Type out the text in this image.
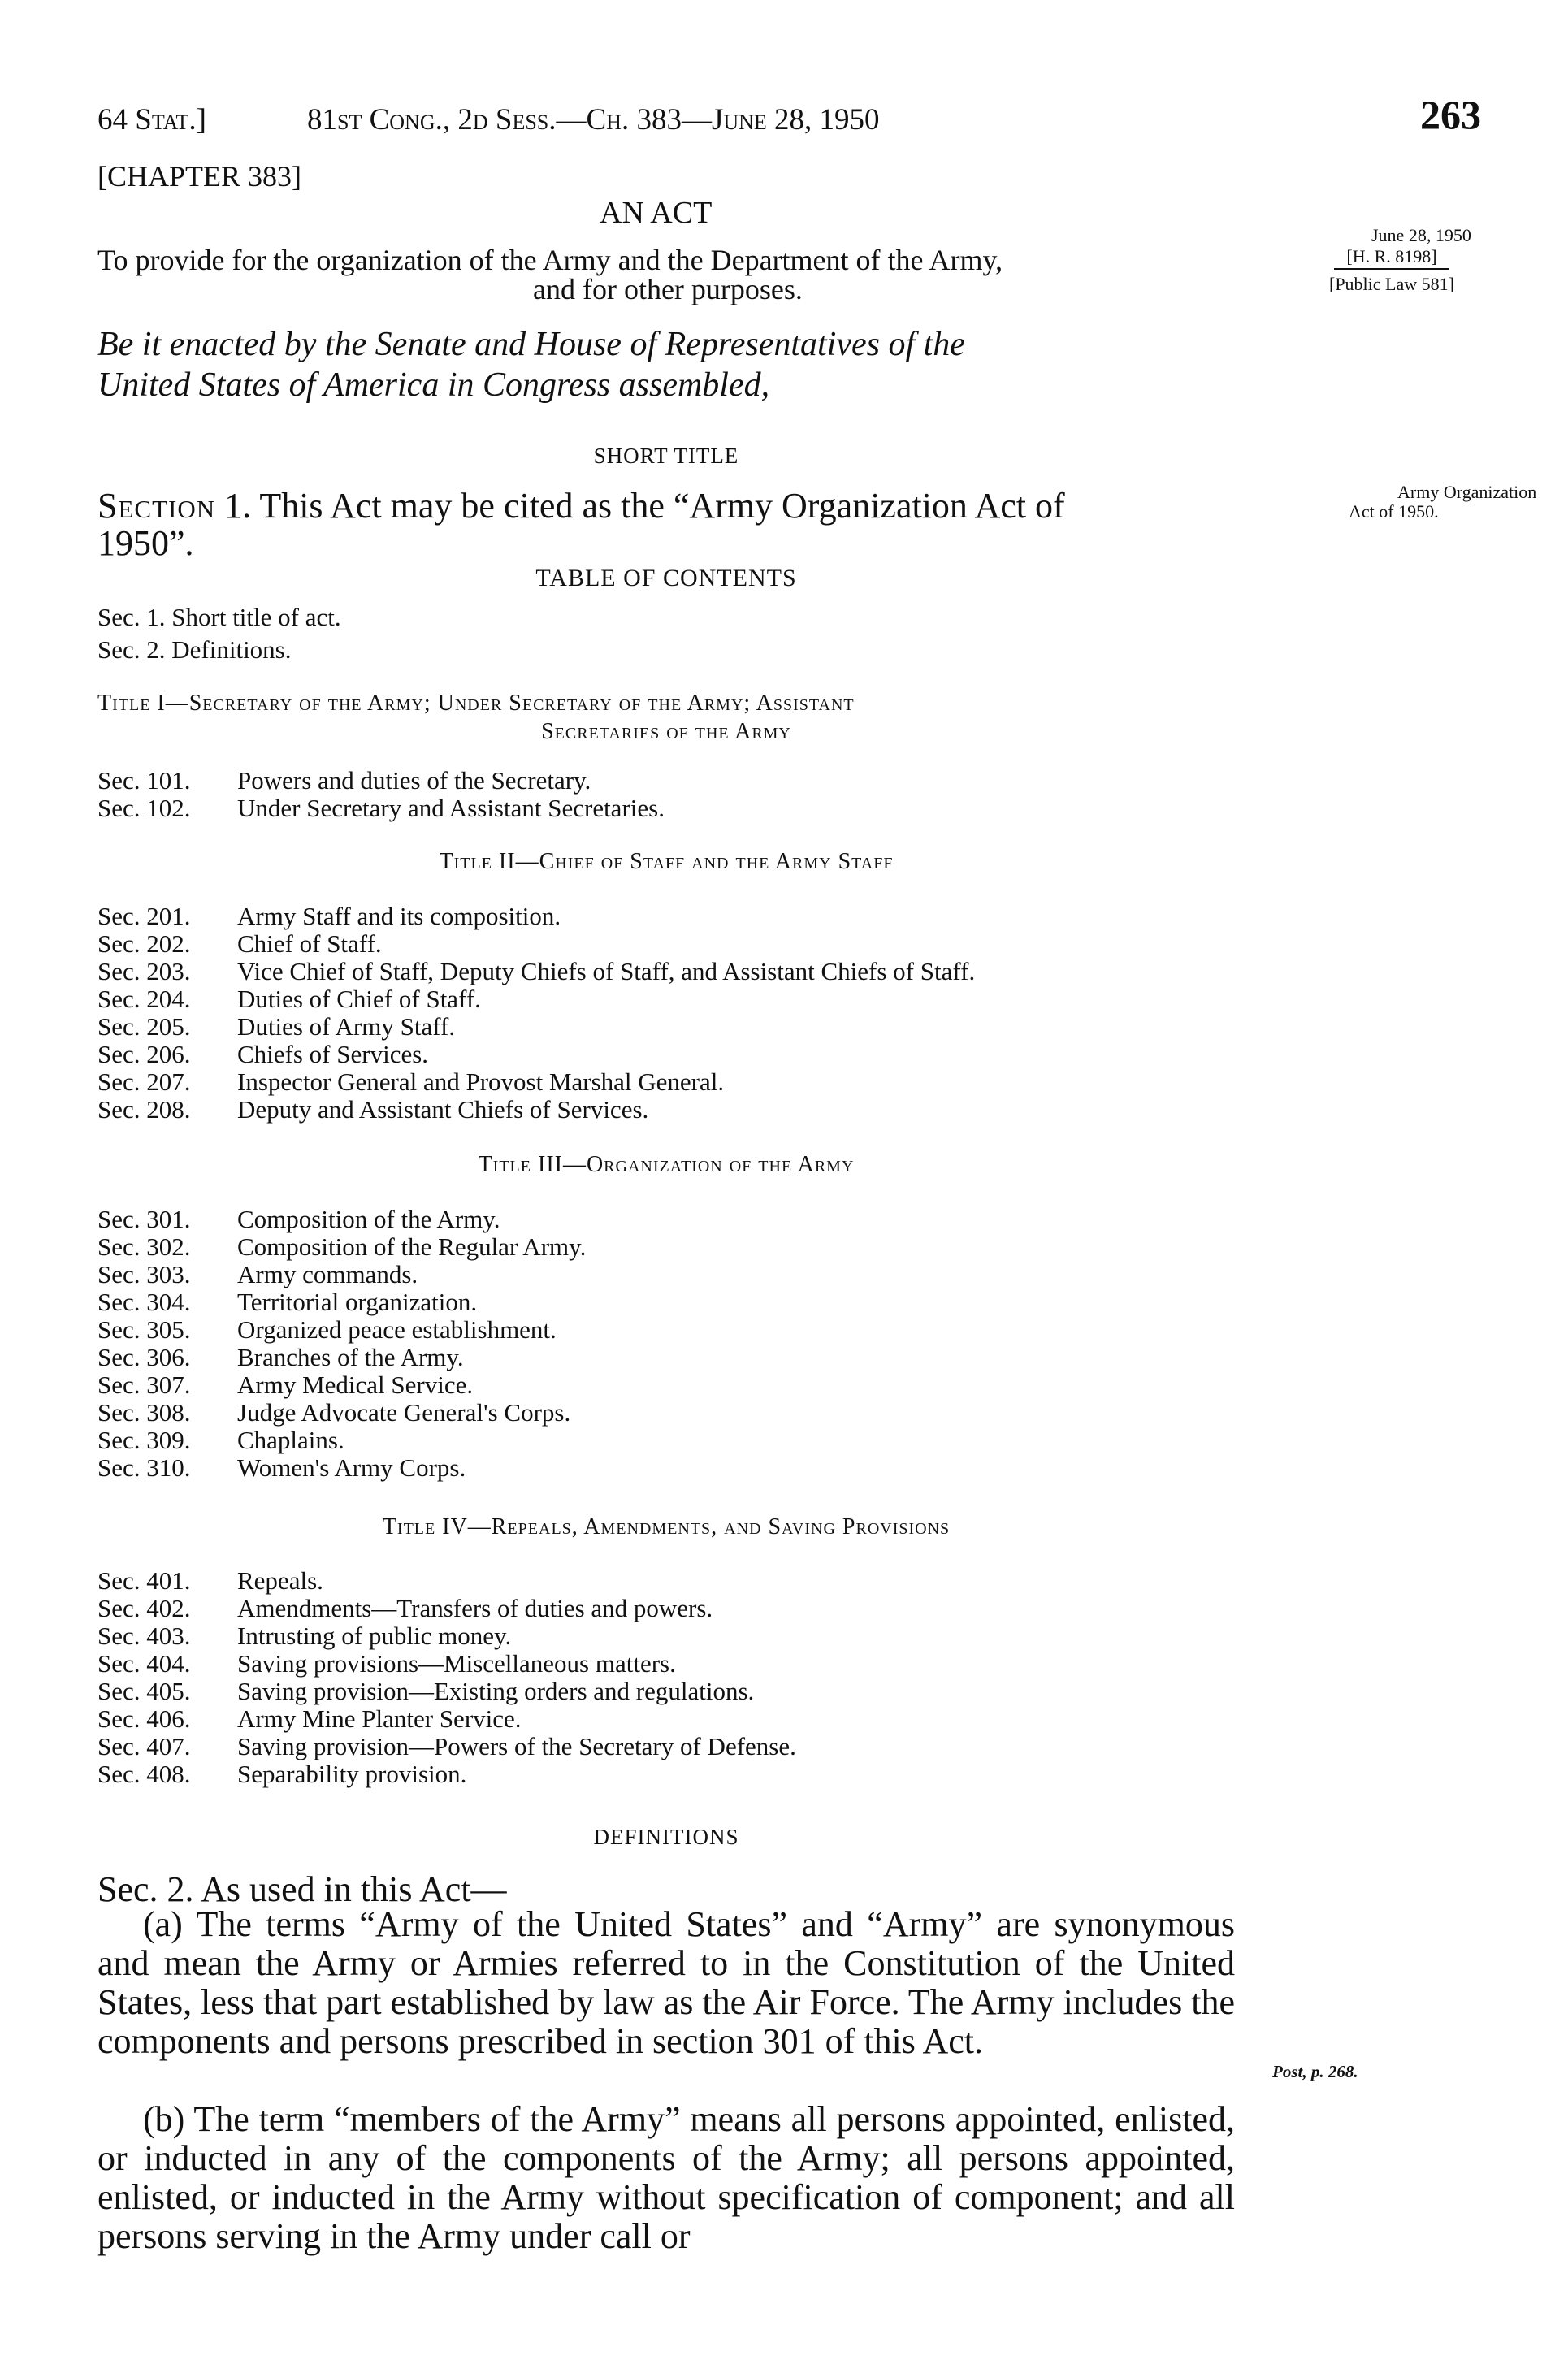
64 Stat.]	81st Cong., 2d Sess.—Ch. 383—June 28, 1950	263
[CHAPTER 383]
AN ACT
To provide for the organization of the Army and the Department of the Army,
and for other purposes.
June 28, 1950
[H. R. 8198]
[Public Law 581]
Be it enacted by the Senate and House of Representatives of the
United States of America in Congress assembled,
SHORT TITLE
Section 1. This Act may be cited as the “Army Organization Act of
1950”.
Army Organization
Act of 1950.
TABLE OF CONTENTS
Sec. 1. Short title of act.
Sec. 2. Definitions.
Title I—Secretary of the Army; Under Secretary of the Army; Assistant
Secretaries of the Army
Sec. 101. Powers and duties of the Secretary.
Sec. 102. Under Secretary and Assistant Secretaries.
Title II—Chief of Staff and the Army Staff
Sec. 201. Army Staff and its composition.
Sec. 202. Chief of Staff.
Sec. 203. Vice Chief of Staff, Deputy Chiefs of Staff, and Assistant Chiefs of Staff.
Sec. 204. Duties of Chief of Staff.
Sec. 205. Duties of Army Staff.
Sec. 206. Chiefs of Services.
Sec. 207. Inspector General and Provost Marshal General.
Sec. 208. Deputy and Assistant Chiefs of Services.
Title III—Organization of the Army
Sec. 301. Composition of the Army.
Sec. 302. Composition of the Regular Army.
Sec. 303. Army commands.
Sec. 304. Territorial organization.
Sec. 305. Organized peace establishment.
Sec. 306. Branches of the Army.
Sec. 307. Army Medical Service.
Sec. 308. Judge Advocate General's Corps.
Sec. 309. Chaplains.
Sec. 310. Women's Army Corps.
Title IV—Repeals, Amendments, and Saving Provisions
Sec. 401. Repeals.
Sec. 402. Amendments—Transfers of duties and powers.
Sec. 403. Intrusting of public money.
Sec. 404. Saving provisions—Miscellaneous matters.
Sec. 405. Saving provision—Existing orders and regulations.
Sec. 406. Army Mine Planter Service.
Sec. 407. Saving provision—Powers of the Secretary of Defense.
Sec. 408. Separability provision.
DEFINITIONS
Sec. 2. As used in this Act—
(a) The terms “Army of the United States” and “Army” are synonymous and mean the Army or Armies referred to in the Constitution of the United States, less that part established by law as the Air Force. The Army includes the components and persons prescribed in section 301 of this Act.
(b) The term “members of the Army” means all persons appointed, enlisted, or inducted in any of the components of the Army; all persons appointed, enlisted, or inducted in the Army without specification of component; and all persons serving in the Army under call or
Post, p. 268.
